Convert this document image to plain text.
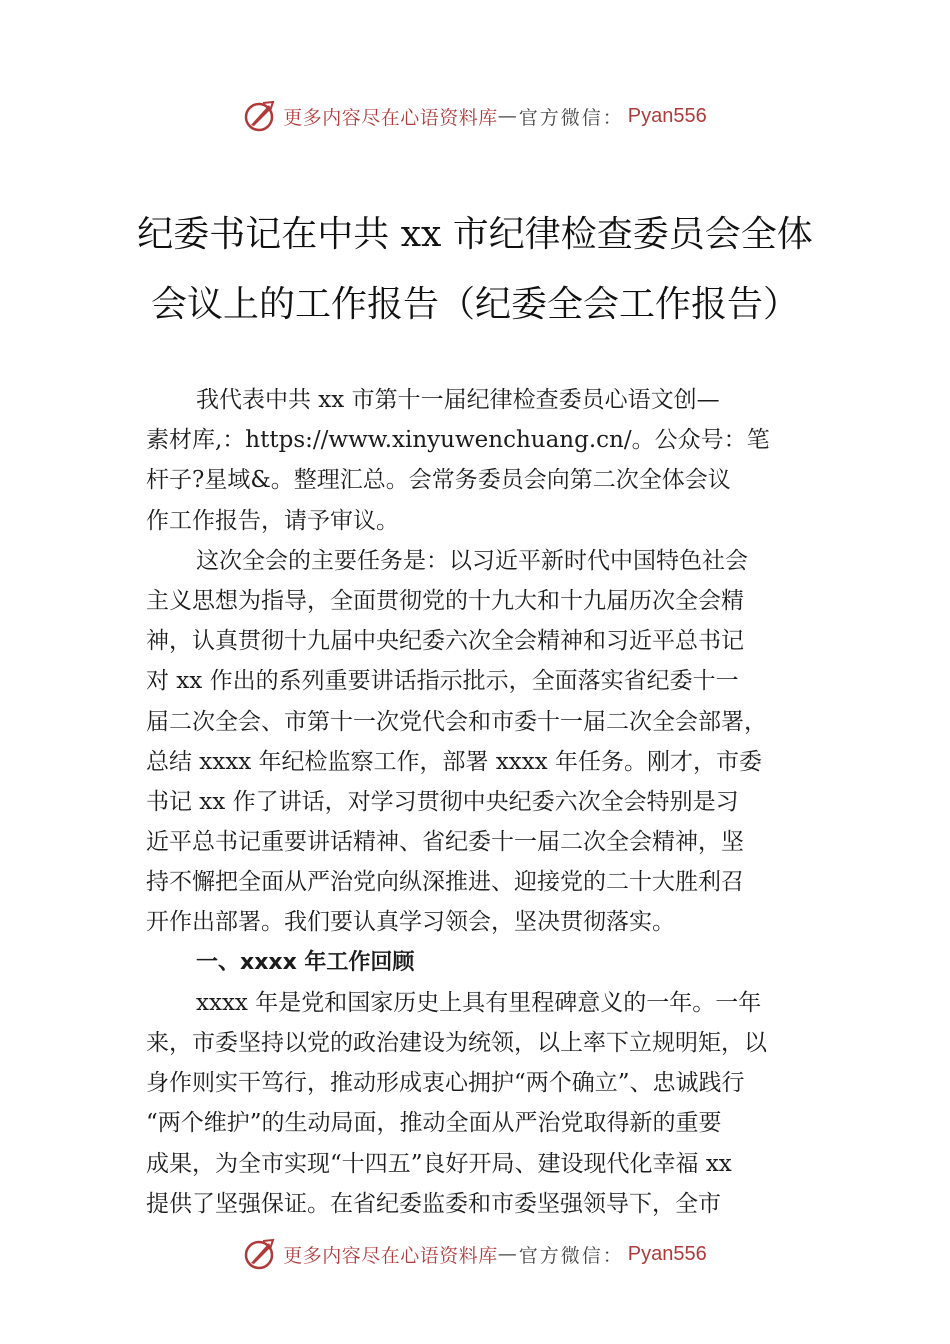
更多内容尽在心语资料库 — 官方微信： Pyan556
纪委书记在中共 xx 市纪律检查委员会全体
会议上的工作报告（纪委全会工作报告）
我代表中共 xx 市第十一届纪律检查委员心语文创—
素材库,：https://www.xinyuwenchuang.cn/。公众号：笔
杆子?星域&。整理汇总。会常务委员会向第二次全体会议
作工作报告，请予审议。
这次全会的主要任务是：以习近平新时代中国特色社会
主义思想为指导，全面贯彻党的十九大和十九届历次全会精
神，认真贯彻十九届中央纪委六次全会精神和习近平总书记
对 xx 作出的系列重要讲话指示批示，全面落实省纪委十一
届二次全会、市第十一次党代会和市委十一届二次全会部署，
总结 xxxx 年纪检监察工作，部署 xxxx 年任务。刚才，市委
书记 xx 作了讲话，对学习贯彻中央纪委六次全会特别是习
近平总书记重要讲话精神、省纪委十一届二次全会精神，坚
持不懈把全面从严治党向纵深推进、迎接党的二十大胜利召
开作出部署。我们要认真学习领会，坚决贯彻落实。
一、xxxx 年工作回顾
xxxx 年是党和国家历史上具有里程碑意义的一年。一年
来，市委坚持以党的政治建设为统领，以上率下立规明矩，以
身作则实干笃行，推动形成衷心拥护“两个确立”、忠诚践行
“两个维护”的生动局面，推动全面从严治党取得新的重要
成果，为全市实现“十四五”良好开局、建设现代化幸福 xx
提供了坚强保证。在省纪委监委和市委坚强领导下，全市
更多内容尽在心语资料库 — 官方微信： Pyan556
